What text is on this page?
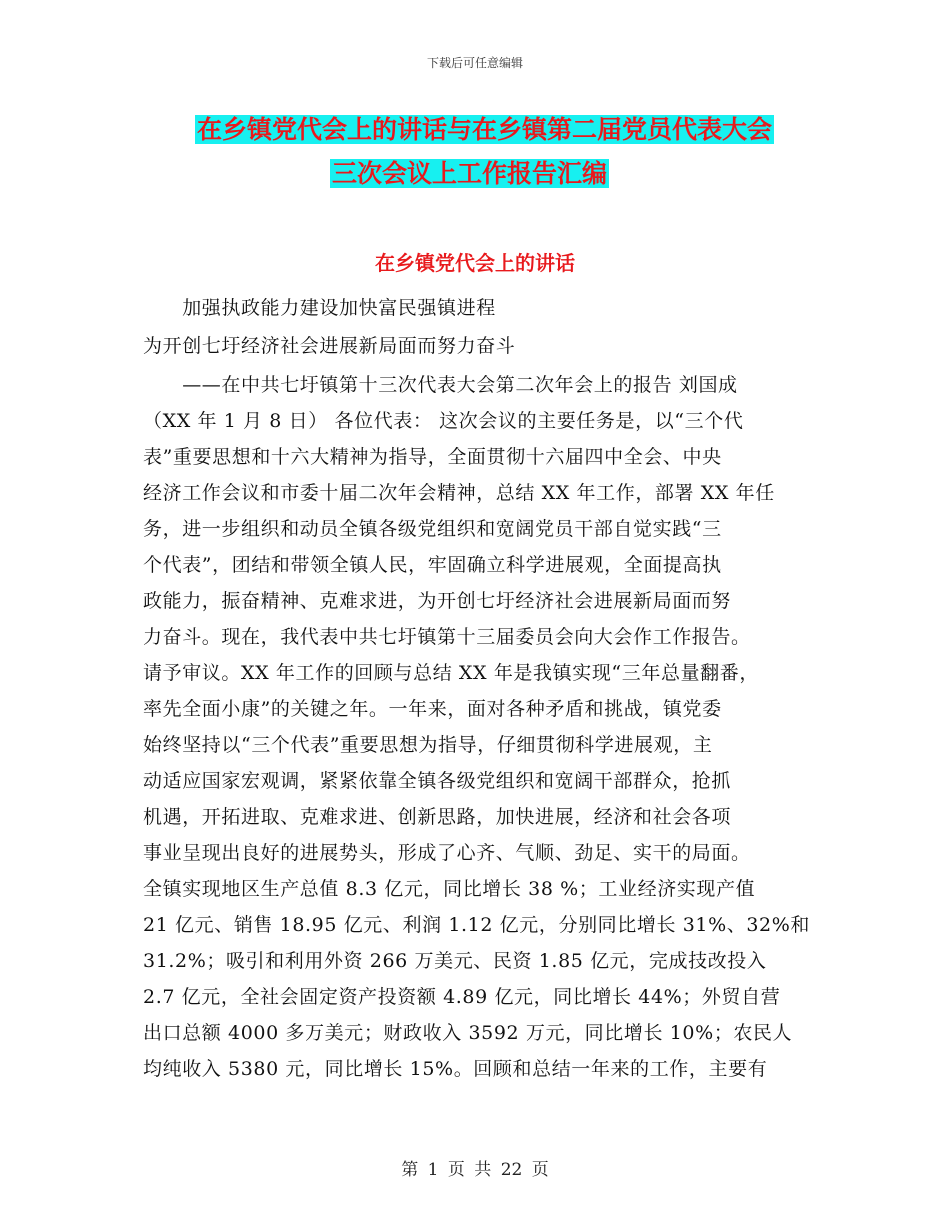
下载后可任意编辑
在乡镇党代会上的讲话与在乡镇第二届党员代表大会
三次会议上工作报告汇编
在乡镇党代会上的讲话
　　加强执政能力建设加快富民强镇进程
为开创七圩经济社会进展新局面而努力奋斗
　　——在中共七圩镇第十三次代表大会第二次年会上的报告 刘国成
（XX 年 1 月 8 日） 各位代表： 这次会议的主要任务是，以“三个代
表”重要思想和十六大精神为指导，全面贯彻十六届四中全会、中央
经济工作会议和市委十届二次年会精神，总结 XX 年工作，部署 XX 年任
务，进一步组织和动员全镇各级党组织和宽阔党员干部自觉实践“三
个代表”，团结和带领全镇人民，牢固确立科学进展观，全面提高执
政能力，振奋精神、克难求进，为开创七圩经济社会进展新局面而努
力奋斗。现在，我代表中共七圩镇第十三届委员会向大会作工作报告。
请予审议。XX 年工作的回顾与总结 XX 年是我镇实现“三年总量翻番，
率先全面小康”的关键之年。一年来，面对各种矛盾和挑战，镇党委
始终坚持以“三个代表”重要思想为指导，仔细贯彻科学进展观，主
动适应国家宏观调，紧紧依靠全镇各级党组织和宽阔干部群众，抢抓
机遇，开拓进取、克难求进、创新思路，加快进展，经济和社会各项
事业呈现出良好的进展势头，形成了心齐、气顺、劲足、实干的局面。
全镇实现地区生产总值 8.3 亿元，同比增长 38 %；工业经济实现产值
21 亿元、销售 18.95 亿元、利润 1.12 亿元，分别同比增长 31%、32%和
31.2%；吸引和利用外资 266 万美元、民资 1.85 亿元，完成技改投入
2.7 亿元，全社会固定资产投资额 4.89 亿元，同比增长 44%；外贸自营
出口总额 4000 多万美元；财政收入 3592 万元，同比增长 10%；农民人
均纯收入 5380 元，同比增长 15%。回顾和总结一年来的工作，主要有
第 1 页 共 22 页
